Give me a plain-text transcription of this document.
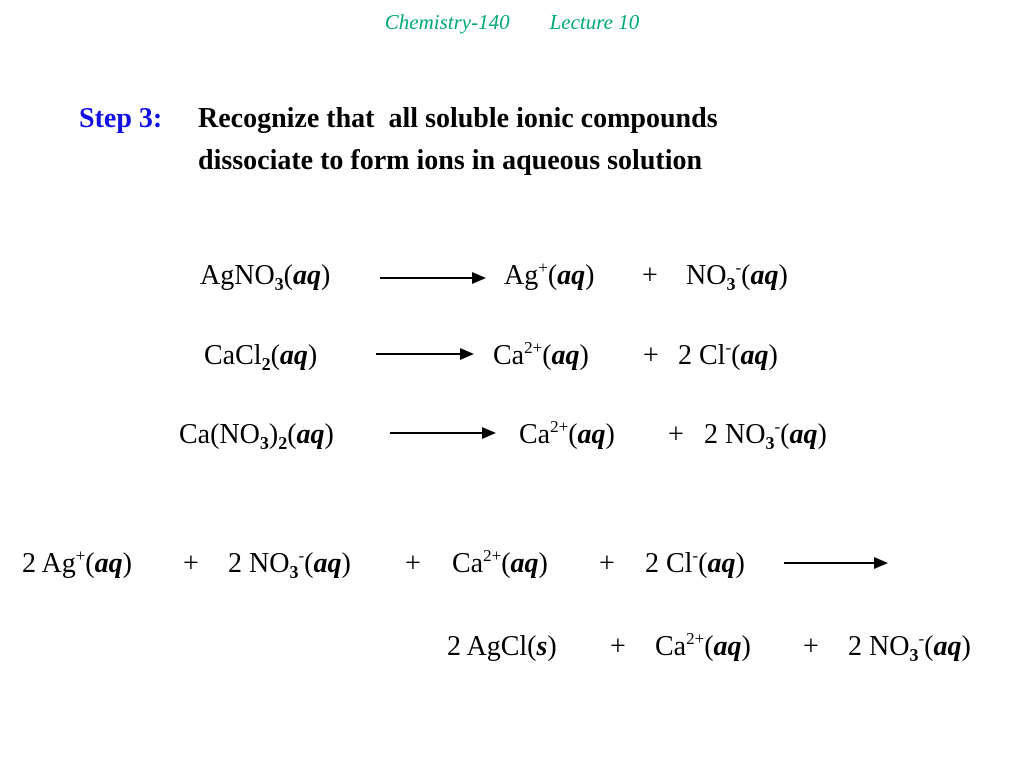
Chemistry-140 Lecture 10
Step 3: Recognize that  all soluble ionic compounds
dissociate to form ions in aqueous solution
AgNO$_3$(aq)	$Ag^+(aq) + NO_3^-(aq)$
CaCl$_2$(aq)	$Ca^{2+}(aq) + 2$ Cl-(aq)
$Ca(NO_3)_2(aq)$	$Ca^{2+}(aq) + 2$ $NO_3^-(aq)$
2 Ag+(aq) + 2 $NO_3^-(aq) + Ca^{2+}(aq) + 2$ Cl-(aq)
2 AgCl(s) + $Ca^{2+}(aq) + 2$ $NO_3^-(aq)$
